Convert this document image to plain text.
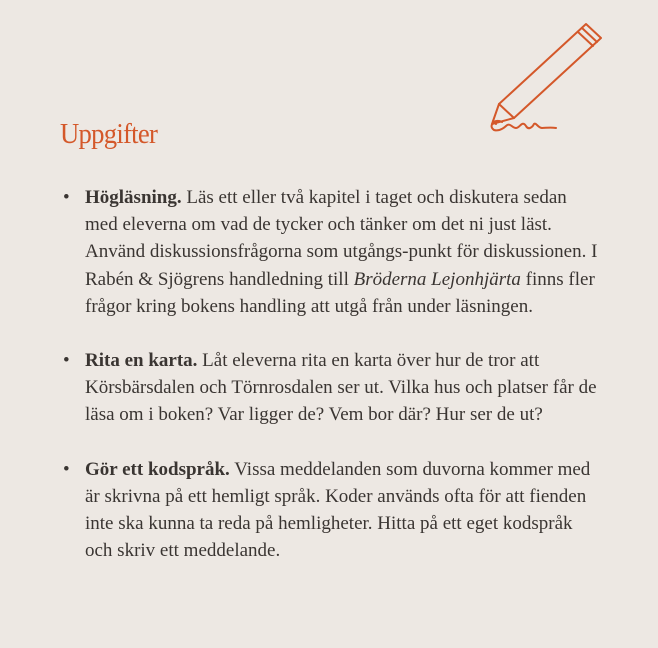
Uppgifter
• Högläsning. Läs ett eller två kapitel i taget och diskutera sedan med eleverna om vad de tycker och tänker om det ni just läst. Använd diskussionsfrågorna som utgångs-punkt för diskussionen. I Rabén & Sjögrens handledning till Bröderna Lejonhjärta finns fler frågor kring bokens handling att utgå från under läsningen.
• Rita en karta. Låt eleverna rita en karta över hur de tror att Körsbärsdalen och Törnrosdalen ser ut. Vilka hus och platser får de läsa om i boken? Var ligger de? Vem bor där? Hur ser de ut?
• Gör ett kodspråk. Vissa meddelanden som duvorna kommer med är skrivna på ett hemligt språk. Koder används ofta för att fienden inte ska kunna ta reda på hemligheter. Hitta på ett eget kodspråk och skriv ett meddelande.
